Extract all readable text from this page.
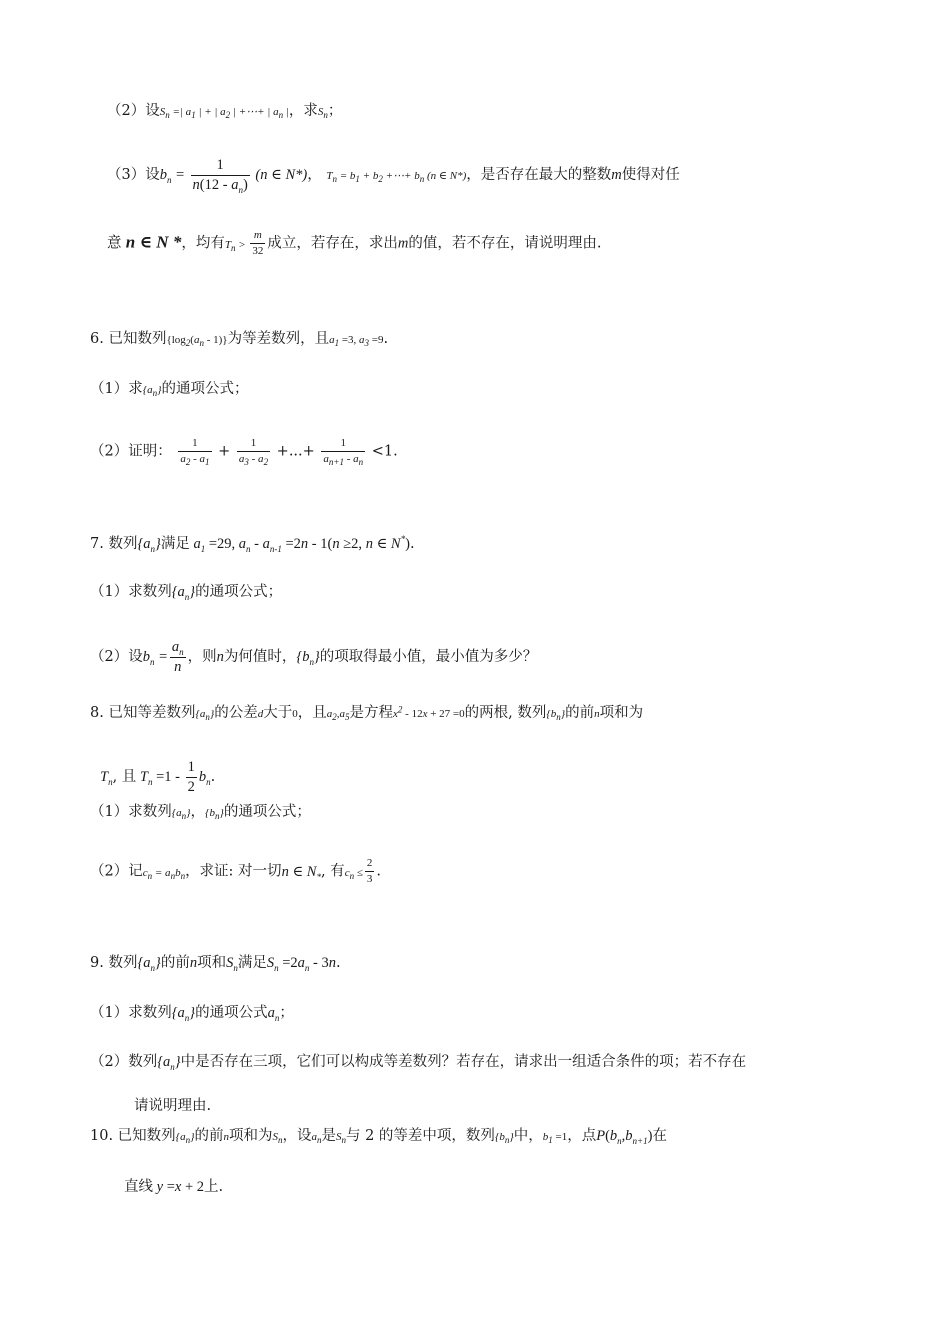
（2）设$S_n$ =| $a_1$ | + | $a_2$ | +⋯+ | $a_n$ |，求$S_n$；
（3）设$b_n = \frac{1}{n(12 - a_n)} (n$ ∈ N*)， $T_n = b_1 + b_2$ +⋯+ $b_n$ (n ∈ N*)，是否存在最大的整数m使得对任
意 n ∈ N *，均有$T_n > \frac{m}{32}$ 成立，若存在，求出m的值，若不存在，请说明理由.
6. 已知数列$\{\log_2(a_n - 1)\}$为等差数列，且$a_1 =3$, $a_3 =9$.
（1）求$\{a_n\}$的通项公式；
（2）证明： $\frac{1}{a_2 - a_1} + \frac{1}{a_3 - a_2}$ +...+ $\frac{1}{a_{n+1} - a_n} <1$.
7. 数列$\{a_n\}$满足 $a_1 =29$, $a_n - a_{n-1} =2n - 1(n \ge 2$, n ∈ N*).
（1）求数列$\{a_n\}$的通项公式；
（2）设$b_n = \frac{a_n}{n}$ ，则n为何值时，$\{b_n\}$的项取得最小值，最小值为多少？
8. 已知等差数列$\{a_n\}$的公差d大于0，且$a_2,a_5$是方程$x^2 - 12x + 27 =0$的两根, 数列$\{b_n\}$的前n项和为
$T_n$, 且 $T_n =1 - \frac{1}{2} b_n$.
（1）求数列$\{a_n\}$，$\{b_n\}$的通项公式；
（2）记$c_n = a_nb_n$，求证: 对一切n ∈ $N_*$, 有$c_n \le \frac{2}{3}$ .
9. 数列$\{a_n\}$的前n项和$S_n$满足$S_n =2a_n - 3n$.
（1）求数列$\{a_n\}$的通项公式$a_n$；
（2）数列$\{a_n\}$中是否存在三项，它们可以构成等差数列？若存在，请求出一组适合条件的项；若不存在
请说明理由.
10. 已知数列$\{a_n\}$的前n项和为$S_n$，设$a_n$是$S_n$与 2 的等差中项，数列$\{b_n\}$中，$b_1 =1$，点$P(b_n,b_{n+1})$在
直线 y =x + 2上.
